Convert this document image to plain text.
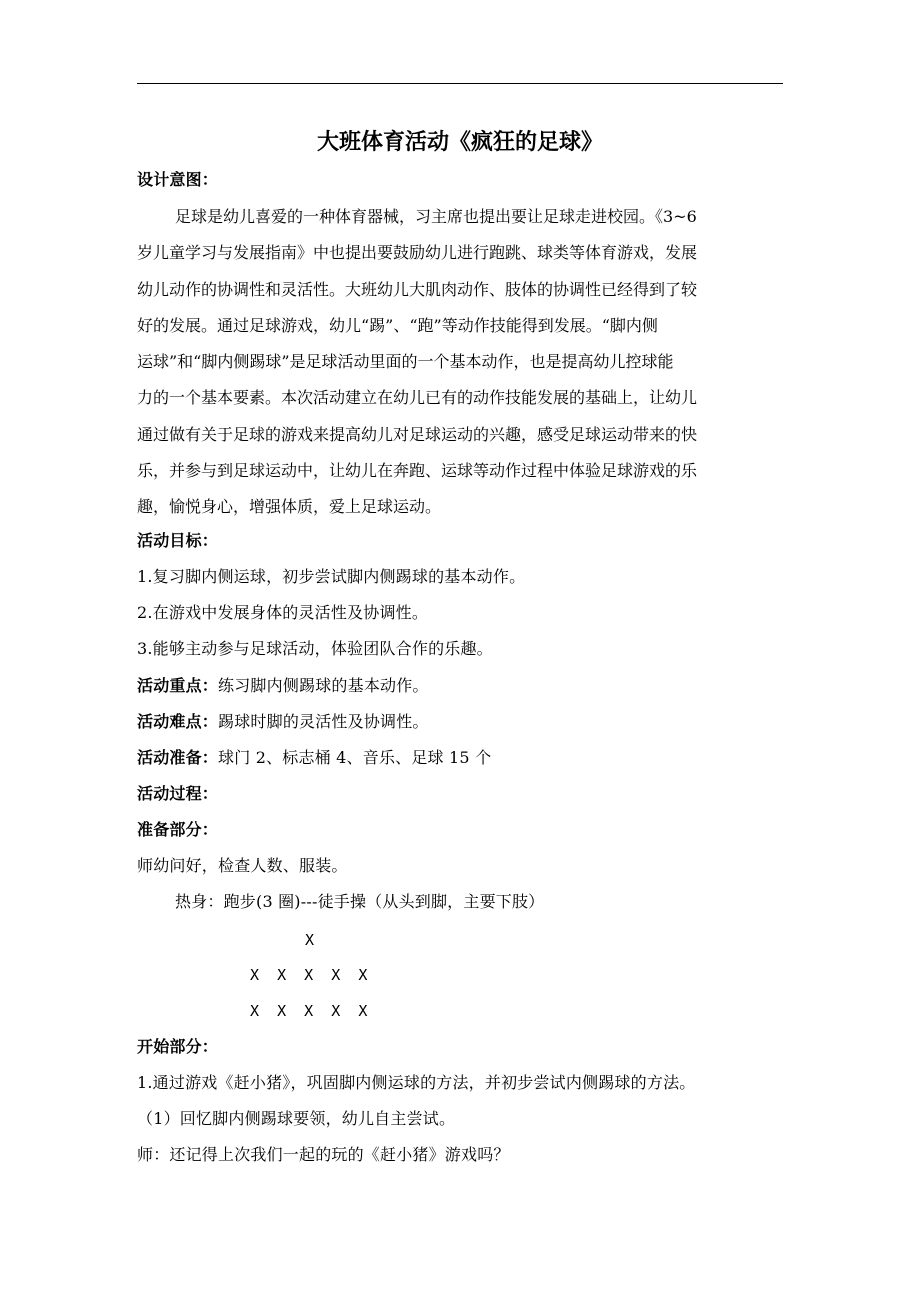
大班体育活动《疯狂的足球》
设计意图：
足球是幼儿喜爱的一种体育器械，习主席也提出要让足球走进校园。《3~6
岁儿童学习与发展指南》中也提出要鼓励幼儿进行跑跳、球类等体育游戏，发展
幼儿动作的协调性和灵活性。大班幼儿大肌肉动作、肢体的协调性已经得到了较
好的发展。通过足球游戏，幼儿“踢”、“跑”等动作技能得到发展。“脚内侧
运球”和“脚内侧踢球”是足球活动里面的一个基本动作，也是提高幼儿控球能
力的一个基本要素。本次活动建立在幼儿已有的动作技能发展的基础上，让幼儿
通过做有关于足球的游戏来提高幼儿对足球运动的兴趣，感受足球运动带来的快
乐，并参与到足球运动中，让幼儿在奔跑、运球等动作过程中体验足球游戏的乐
趣，愉悦身心，增强体质，爱上足球运动。
活动目标：
1.复习脚内侧运球，初步尝试脚内侧踢球的基本动作。
2.在游戏中发展身体的灵活性及协调性。
3.能够主动参与足球活动，体验团队合作的乐趣。
活动重点：练习脚内侧踢球的基本动作。
活动难点：踢球时脚的灵活性及协调性。
活动准备：球门 2、标志桶 4、音乐、足球 15 个
活动过程：
准备部分：
师幼问好，检查人数、服装。
热身：跑步(3 圈)---徒手操（从头到脚，主要下肢）
X
X  X  X  X  X
X  X  X  X  X
开始部分：
1.通过游戏《赶小猪》，巩固脚内侧运球的方法，并初步尝试内侧踢球的方法。
（1）回忆脚内侧踢球要领，幼儿自主尝试。
师：还记得上次我们一起的玩的《赶小猪》游戏吗？
